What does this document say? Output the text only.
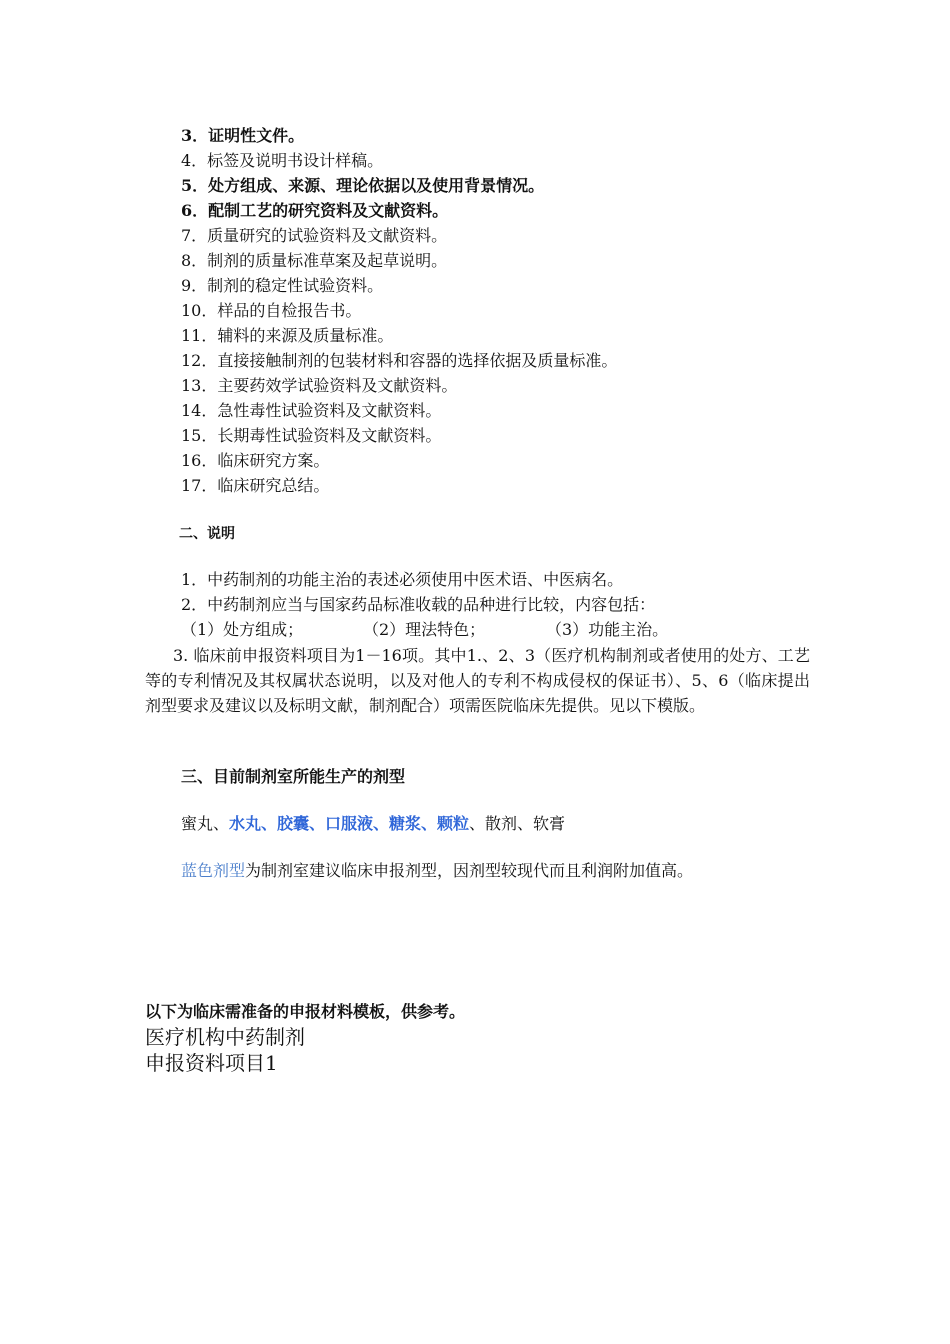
3．证明性文件。
4．标签及说明书设计样稿。
5．处方组成、来源、理论依据以及使用背景情况。
6．配制工艺的研究资料及文献资料。
7．质量研究的试验资料及文献资料。
8．制剂的质量标准草案及起草说明。
9．制剂的稳定性试验资料。
10．样品的自检报告书。
11．辅料的来源及质量标准。
12．直接接触制剂的包装材料和容器的选择依据及质量标准。
13．主要药效学试验资料及文献资料。
14．急性毒性试验资料及文献资料。
15．长期毒性试验资料及文献资料。
16．临床研究方案。
17．临床研究总结。
二、说明
1．中药制剂的功能主治的表述必须使用中医术语、中医病名。
2．中药制剂应当与国家药品标准收载的品种进行比较，内容包括：
（1）处方组成；	（2）理法特色；	（3）功能主治。
3. 临床前申报资料项目为1－16项。其中1.、2、3（医疗机构制剂或者使用的处方、工艺等的专利情况及其权属状态说明，以及对他人的专利不构成侵权的保证书）、5、6（临床提出剂型要求及建议以及标明文献，制剂配合）项需医院临床先提供。见以下模版。
三、目前制剂室所能生产的剂型
蜜丸、水丸、胶囊、口服液、糖浆、颗粒、散剂、软膏
蓝色剂型为制剂室建议临床申报剂型，因剂型较现代而且利润附加值高。
以下为临床需准备的申报材料模板，供参考。
医疗机构中药制剂
申报资料项目1
